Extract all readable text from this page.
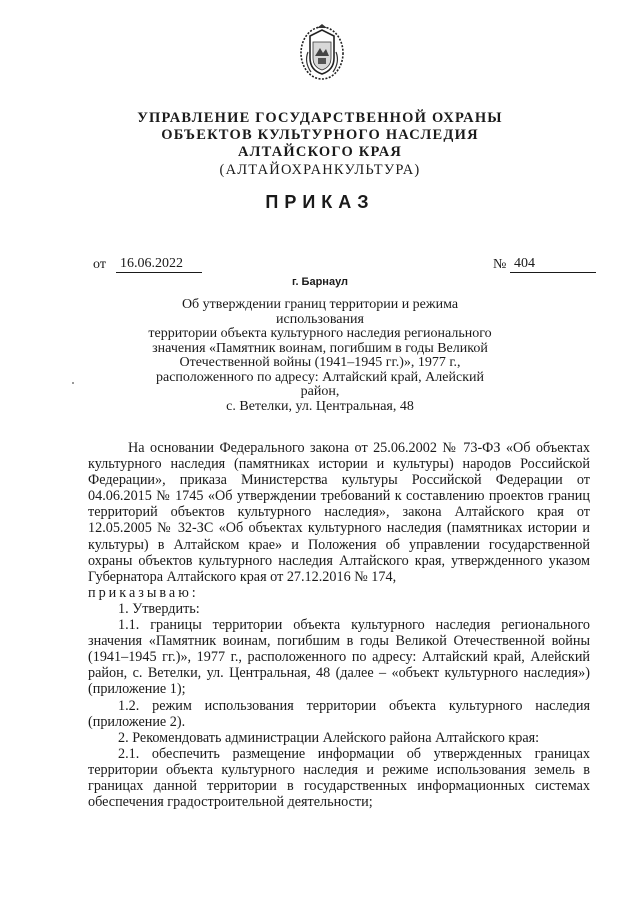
УПРАВЛЕНИЕ ГОСУДАРСТВЕННОЙ ОХРАНЫ
ОБЪЕКТОВ КУЛЬТУРНОГО НАСЛЕДИЯ
АЛТАЙСКОГО КРАЯ
(АЛТАЙОХРАНКУЛЬТУРА)
ПРИКАЗ
от 16.06.2022	№ 404
г. Барнаул
Об утверждении границ территории и режима использования
территории объекта культурного наследия регионального
значения «Памятник воинам, погибшим в годы Великой
Отечественной войны (1941–1945 гг.)», 1977 г.,
расположенного по адресу: Алтайский край, Алейский район,
с. Ветелки, ул. Центральная, 48

На основании Федерального закона от 25.06.2002 № 73-ФЗ «Об объектах культурного наследия (памятниках истории и культуры) народов Российской Федерации», приказа Министерства культуры Российской Федерации от 04.06.2015 № 1745 «Об утверждении требований к составлению проектов границ территорий объектов культурного наследия», закона Алтайского края от 12.05.2005 № 32-ЗС «Об объектах культурного наследия (памятниках истории и культуры) в Алтайском крае» и Положения об управлении государственной охраны объектов культурного наследия Алтайского края, утвержденного указом Губернатора Алтайского края от 27.12.2016 № 174,

приказываю:

1. Утвердить:

1.1. границы территории объекта культурного наследия регионального значения «Памятник воинам, погибшим в годы Великой Отечественной войны (1941–1945 гг.)», 1977 г., расположенного по адресу: Алтайский край, Алейский район, с. Ветелки, ул. Центральная, 48 (далее – «объект культурного наследия») (приложение 1);

1.2. режим использования территории объекта культурного наследия (приложение 2).

2. Рекомендовать администрации Алейского района Алтайского края:

2.1. обеспечить размещение информации об утвержденных границах территории объекта культурного наследия и режиме использования земель в границах данной территории в государственных информационных системах обеспечения градостроительной деятельности;
